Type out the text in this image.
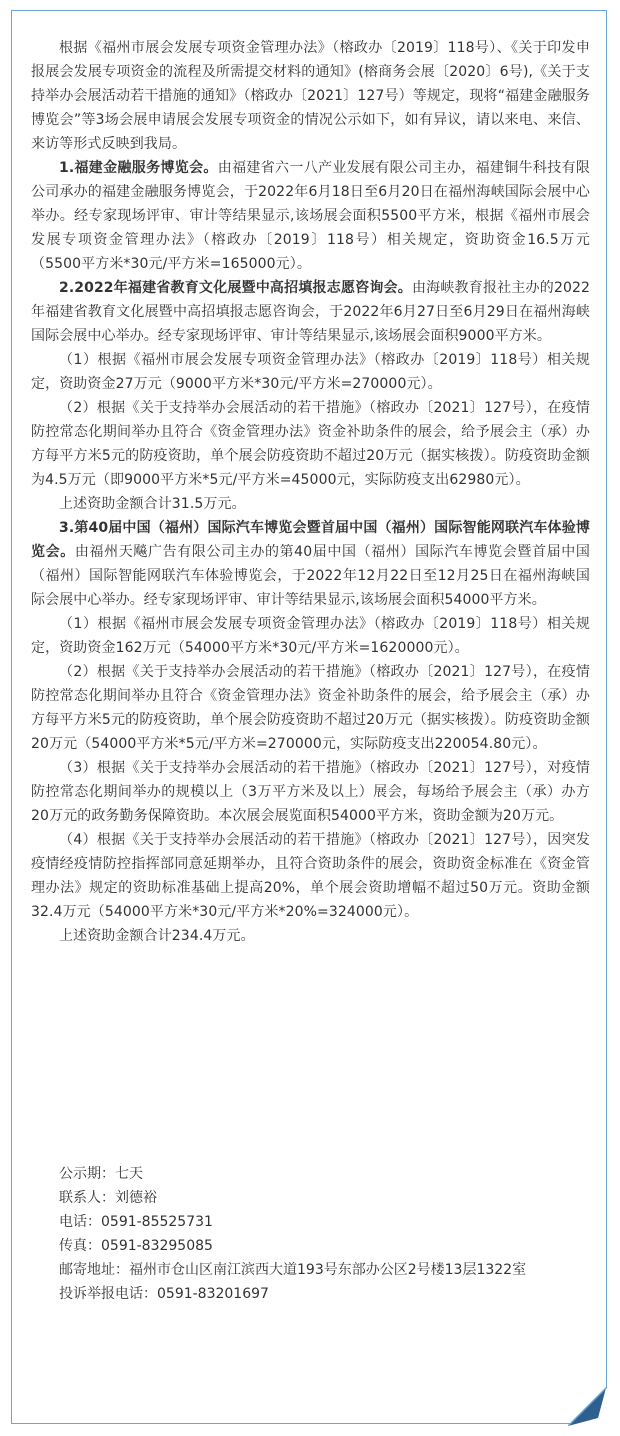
根据《福州市展会发展专项资金管理办法》（榕政办〔2019〕118号）、《关于印发申报展会发展专项资金的流程及所需提交材料的通知》(榕商务会展〔2020〕6号),《关于支持举办会展活动若干措施的通知》（榕政办〔2021〕127号）等规定，现将“福建金融服务博览会”等3场会展申请展会发展专项资金的情况公示如下，如有异议，请以来电、来信、来访等形式反映到我局。

1.福建金融服务博览会。由福建省六一八产业发展有限公司主办，福建铜牛科技有限公司承办的福建金融服务博览会，于2022年6月18日至6月20日在福州海峡国际会展中心举办。经专家现场评审、审计等结果显示,该场展会面积5500平方米，根据《福州市展会发展专项资金管理办法》（榕政办〔2019〕118号）相关规定，资助资金16.5万元（5500平方米*30元/平方米=165000元）。

2.2022年福建省教育文化展暨中高招填报志愿咨询会。由海峡教育报社主办的2022年福建省教育文化展暨中高招填报志愿咨询会，于2022年6月27日至6月29日在福州海峡国际会展中心举办。经专家现场评审、审计等结果显示,该场展会面积9000平方米。

（1）根据《福州市展会发展专项资金管理办法》（榕政办〔2019〕118号）相关规定，资助资金27万元（9000平方米*30元/平方米=270000元）。

（2）根据《关于支持举办会展活动的若干措施》（榕政办〔2021〕127号），在疫情防控常态化期间举办且符合《资金管理办法》资金补助条件的展会，给予展会主（承）办方每平方米5元的防疫资助，单个展会防疫资助不超过20万元（据实核拨）。防疫资助金额为4.5万元（即9000平方米*5元/平方米=45000元，实际防疫支出62980元）。

上述资助金额合计31.5万元。

3.第40届中国（福州）国际汽车博览会暨首届中国（福州）国际智能网联汽车体验博览会。由福州天飚广告有限公司主办的第40届中国（福州）国际汽车博览会暨首届中国（福州）国际智能网联汽车体验博览会，于2022年12月22日至12月25日在福州海峡国际会展中心举办。经专家现场评审、审计等结果显示,该场展会面积54000平方米。

（1）根据《福州市展会发展专项资金管理办法》（榕政办〔2019〕118号）相关规定，资助资金162万元（54000平方米*30元/平方米=1620000元）。

（2）根据《关于支持举办会展活动的若干措施》（榕政办〔2021〕127号），在疫情防控常态化期间举办且符合《资金管理办法》资金补助条件的展会，给予展会主（承）办方每平方米5元的防疫资助，单个展会防疫资助不超过20万元（据实核拨）。防疫资助金额20万元（54000平方米*5元/平方米=270000元，实际防疫支出220054.80元）。

（3）根据《关于支持举办会展活动的若干措施》（榕政办〔2021〕127号），对疫情防控常态化期间举办的规模以上（3万平方米及以上）展会，每场给予展会主（承）办方20万元的政务勤务保障资助。本次展会展览面积54000平方米，资助金额为20万元。

（4）根据《关于支持举办会展活动的若干措施》（榕政办〔2021〕127号），因突发疫情经疫情防控指挥部同意延期举办，且符合资助条件的展会，资助资金标准在《资金管理办法》规定的资助标准基础上提高20%，单个展会资助增幅不超过50万元。资助金额32.4万元（54000平方米*30元/平方米*20%=324000元）。

上述资助金额合计234.4万元。

公示期：七天
联系人：刘德裕
电话：0591-85525731
传真：0591-83295085
邮寄地址：福州市仓山区南江滨西大道193号东部办公区2号楼13层1322室
投诉举报电话：0591-83201697
